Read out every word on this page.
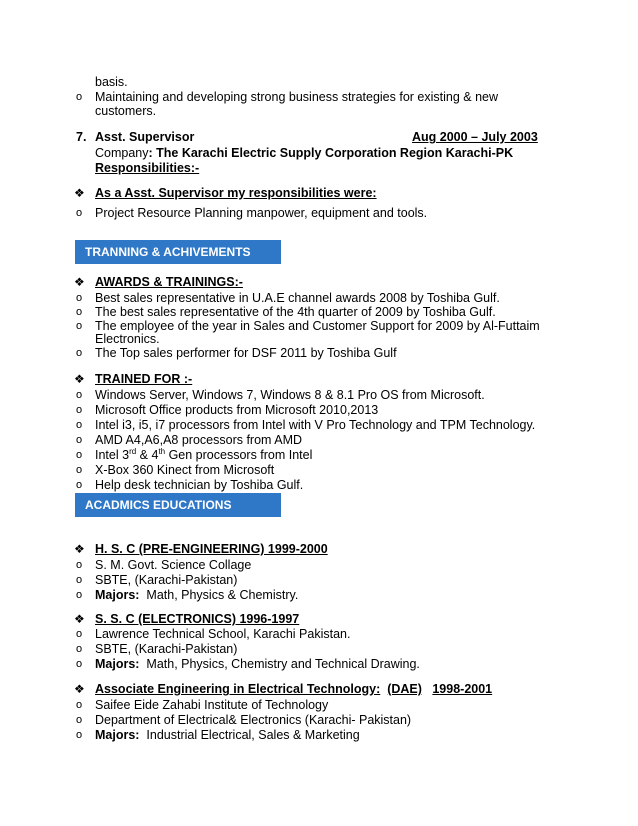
basis.
o Maintaining and developing strong business strategies for existing & new
customers.
7. Asst. Supervisor	Aug 2000 – July 2003
Company: The Karachi Electric Supply Corporation Region Karachi-PK
Responsibilities:-
❖ As a Asst. Supervisor my responsibilities were:
o Project Resource Planning manpower, equipment and tools.
TRANNING & ACHIVEMENTS
❖ AWARDS & TRAININGS:-
o Best sales representative in U.A.E channel awards 2008 by Toshiba Gulf.
o The best sales representative of the 4th quarter of 2009 by Toshiba Gulf.
o The employee of the year in Sales and Customer Support for 2009 by Al-Futtaim
Electronics.
o The Top sales performer for DSF 2011 by Toshiba Gulf
❖ TRAINED FOR :-
o Windows Server, Windows 7, Windows 8 & 8.1 Pro OS from Microsoft.
o Microsoft Office products from Microsoft 2010,2013
o Intel i3, i5, i7 processors from Intel with V Pro Technology and TPM Technology.
o AMD A4,A6,A8 processors from AMD
o Intel 3rd & 4th Gen processors from Intel
o X-Box 360 Kinect from Microsoft
o Help desk technician by Toshiba Gulf.
ACADMICS EDUCATIONS
❖ H. S. C (PRE-ENGINEERING) 1999-2000
o S. M. Govt. Science Collage
o SBTE, (Karachi-Pakistan)
o Majors: Math, Physics & Chemistry.
❖ S. S. C (ELECTRONICS) 1996-1997
o Lawrence Technical School, Karachi Pakistan.
o SBTE, (Karachi-Pakistan)
o Majors: Math, Physics, Chemistry and Technical Drawing.
❖ Associate Engineering in Electrical Technology: (DAE) 1998-2001
o Saifee Eide Zahabi Institute of Technology
o Department of Electrical& Electronics (Karachi- Pakistan)
o Majors: Industrial Electrical, Sales & Marketing
